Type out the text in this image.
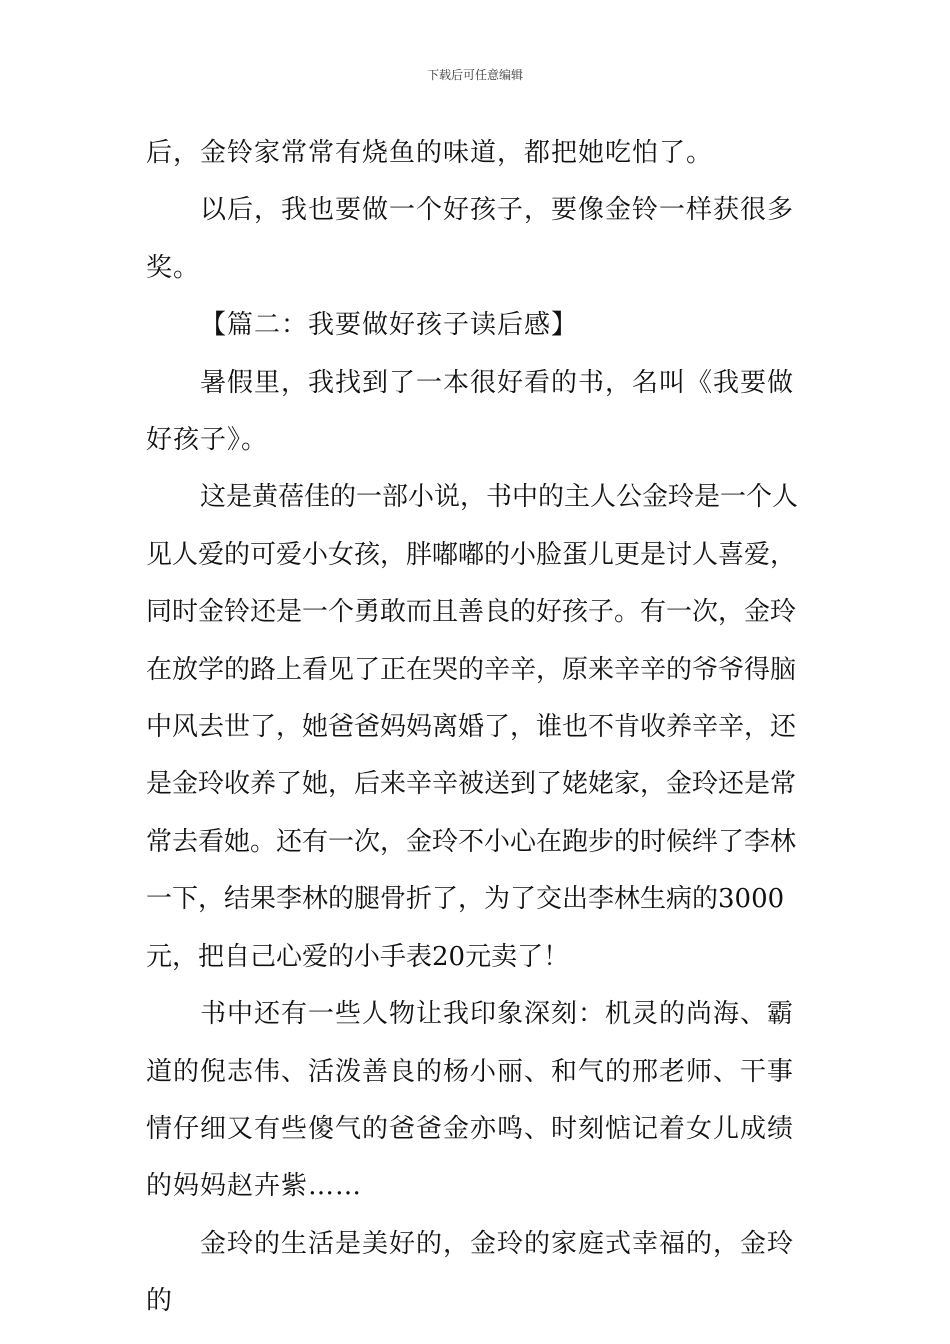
下载后可任意编辑

后，金铃家常常有烧鱼的味道，都把她吃怕了。

以后，我也要做一个好孩子，要像金铃一样获很多奖。

【篇二：我要做好孩子读后感】

暑假里，我找到了一本很好看的书，名叫《我要做好孩子》。

这是黄蓓佳的一部小说，书中的主人公金玲是一个人见人爱的可爱小女孩，胖嘟嘟的小脸蛋儿更是讨人喜爱，同时金铃还是一个勇敢而且善良的好孩子。有一次，金玲在放学的路上看见了正在哭的辛辛，原来辛辛的爷爷得脑中风去世了，她爸爸妈妈离婚了，谁也不肯收养辛辛，还是金玲收养了她，后来辛辛被送到了姥姥家，金玲还是常常去看她。还有一次，金玲不小心在跑步的时候绊了李林一下，结果李林的腿骨折了，为了交出李林生病的3000元，把自己心爱的小手表20元卖了！

书中还有一些人物让我印象深刻：机灵的尚海、霸道的倪志伟、活泼善良的杨小丽、和气的邢老师、干事情仔细又有些傻气的爸爸金亦鸣、时刻惦记着女儿成绩的妈妈赵卉紫……

金玲的生活是美好的，金玲的家庭式幸福的，金玲的
